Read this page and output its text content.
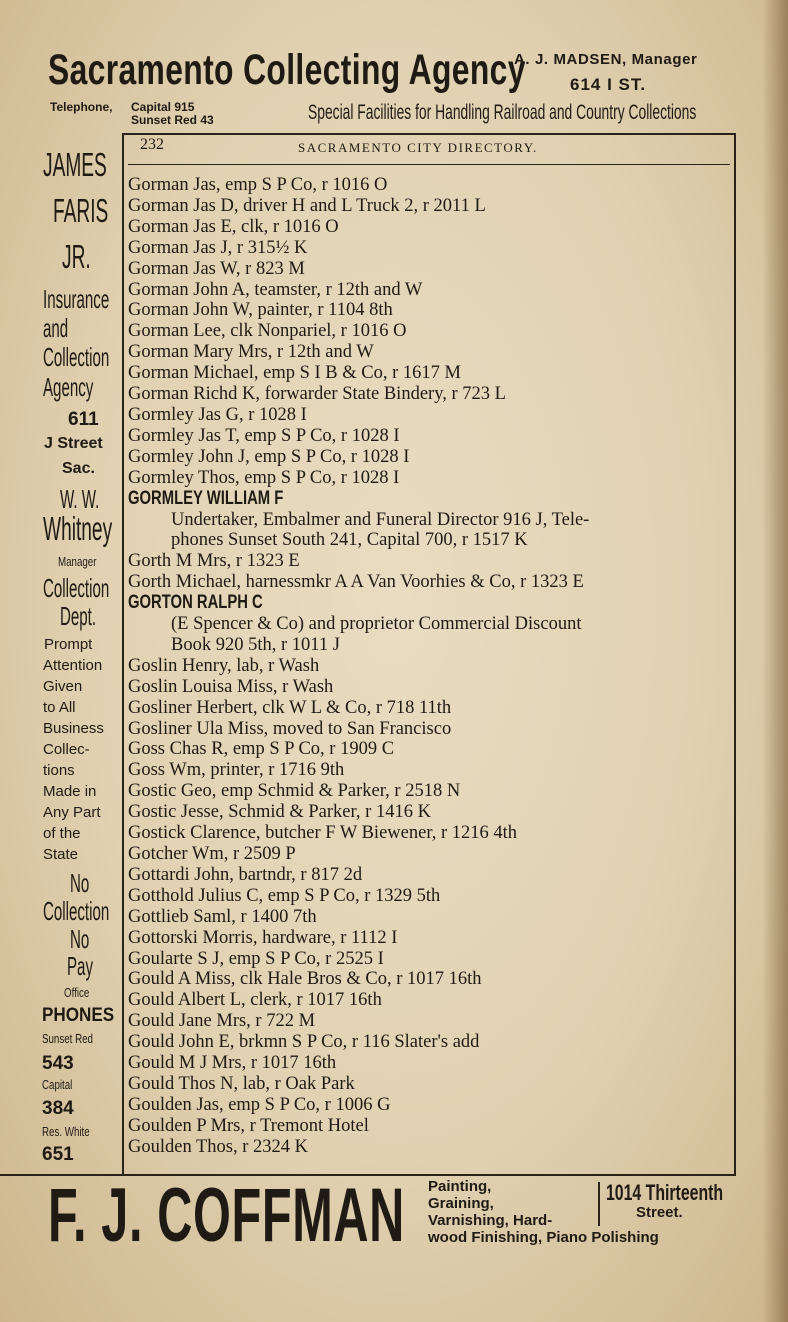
Sacramento Collecting Agency
A. J. MADSEN, Manager
614 I ST.
Telephone, Capital 915
Sunset Red 43	Special Facilities for Handling Railroad and Country Collections
232	SACRAMENTO CITY DIRECTORY.
JAMES
FARIS
JR.
Insurance
and
Collection
Agency
611
J Street
Sac.
W. W.
Whitney
Manager
Collection
Dept.
Prompt
Attention
Given
to All
Business
Collec-
tions
Made in
Any Part
of the
State
No
Collection
No
Pay
Office
PHONES
Sunset Red
543
Capital
384
Res. White
651
Gorman Jas, emp S P Co, r 1016 O
Gorman Jas D, driver H and L Truck 2, r 2011 L
Gorman Jas E, clk, r 1016 O
Gorman Jas J, r 315½ K
Gorman Jas W, r 823 M
Gorman John A, teamster, r 12th and W
Gorman John W, painter, r 1104 8th
Gorman Lee, clk Nonpariel, r 1016 O
Gorman Mary Mrs, r 12th and W
Gorman Michael, emp S I B & Co, r 1617 M
Gorman Richd K, forwarder State Bindery, r 723 L
Gormley Jas G, r 1028 I
Gormley Jas T, emp S P Co, r 1028 I
Gormley John J, emp S P Co, r 1028 I
Gormley Thos, emp S P Co, r 1028 I
GORMLEY WILLIAM F
Undertaker, Embalmer and Funeral Director 916 J, Tele-
phones Sunset South 241, Capital 700, r 1517 K
Gorth M Mrs, r 1323 E
Gorth Michael, harnessmkr A A Van Voorhies & Co, r 1323 E
GORTON RALPH C
(E Spencer & Co) and proprietor Commercial Discount
Book 920 5th, r 1011 J
Goslin Henry, lab, r Wash
Goslin Louisa Miss, r Wash
Gosliner Herbert, clk W L & Co, r 718 11th
Gosliner Ula Miss, moved to San Francisco
Goss Chas R, emp S P Co, r 1909 C
Goss Wm, printer, r 1716 9th
Gostic Geo, emp Schmid & Parker, r 2518 N
Gostic Jesse, Schmid & Parker, r 1416 K
Gostick Clarence, butcher F W Biewener, r 1216 4th
Gotcher Wm, r 2509 P
Gottardi John, bartndr, r 817 2d
Gotthold Julius C, emp S P Co, r 1329 5th
Gottlieb Saml, r 1400 7th
Gottorski Morris, hardware, r 1112 I
Goularte S J, emp S P Co, r 2525 I
Gould A Miss, clk Hale Bros & Co, r 1017 16th
Gould Albert L, clerk, r 1017 16th
Gould Jane Mrs, r 722 M
Gould John E, brkmn S P Co, r 116 Slater's add
Gould M J Mrs, r 1017 16th
Gould Thos N, lab, r Oak Park
Goulden Jas, emp S P Co, r 1006 G
Goulden P Mrs, r Tremont Hotel
Goulden Thos, r 2324 K
F. J. COFFMAN Painting,
Graining,
Varnishing, Hard-
wood Finishing, Piano Polishing
1014 Thirteenth
Street.
